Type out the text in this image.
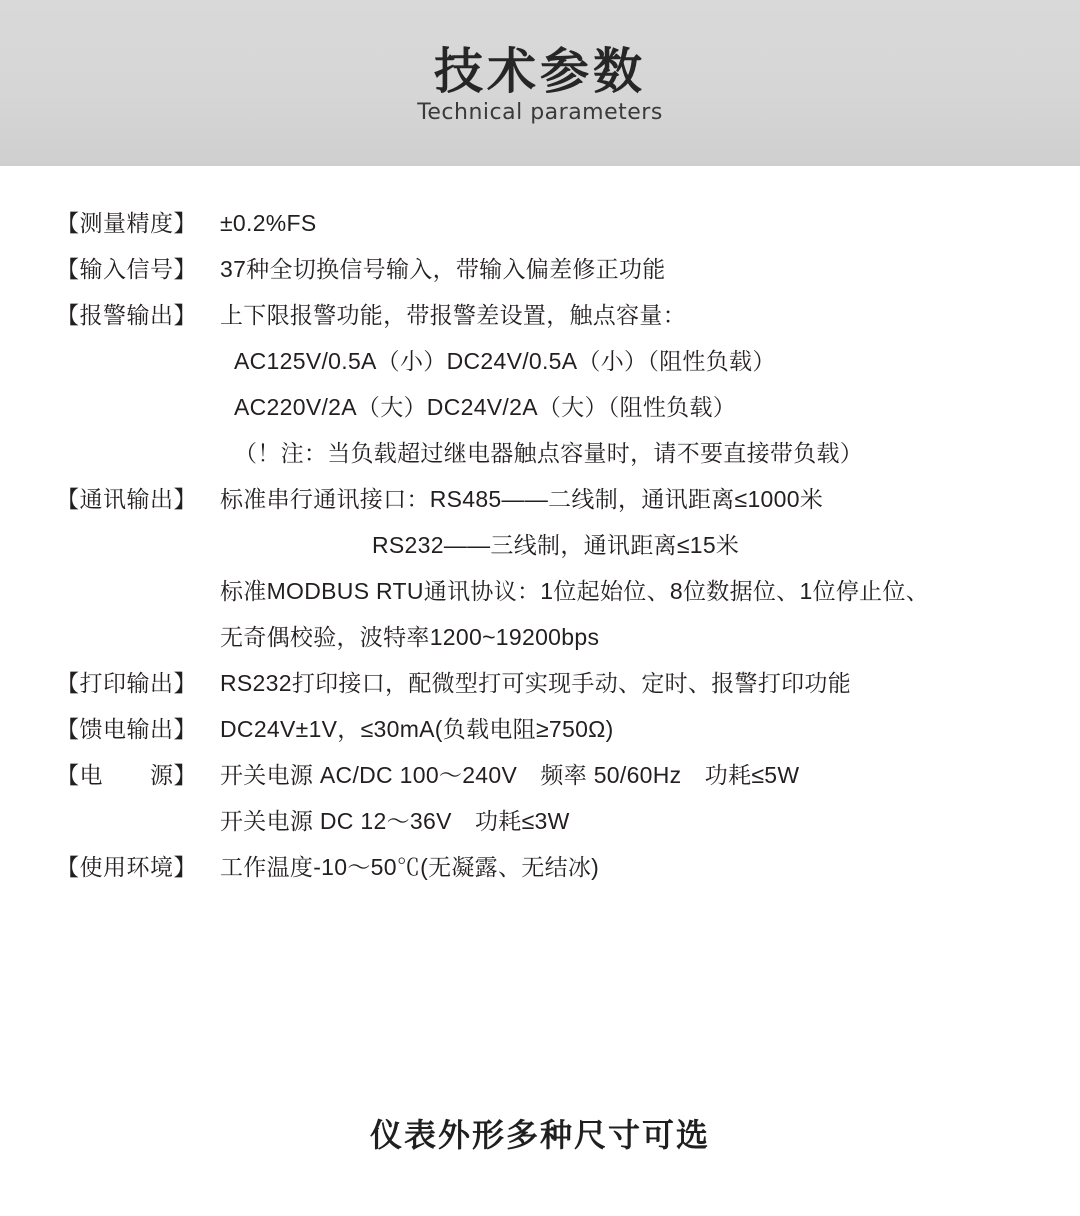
技术参数
Technical parameters
【测量精度】	±0.2%FS
【输入信号】	37种全切换信号输入，带输入偏差修正功能
【报警输出】	上下限报警功能，带报警差设置，触点容量：
AC125V/0.5A（小）DC24V/0.5A（小）（阻性负载）
AC220V/2A（大）DC24V/2A（大）（阻性负载）
（！注：当负载超过继电器触点容量时，请不要直接带负载）
【通讯输出】	标准串行通讯接口：RS485——二线制，通讯距离≤1000米
RS232——三线制，通讯距离≤15米
标准MODBUS RTU通讯协议：1位起始位、8位数据位、1位停止位、
无奇偶校验，波特率1200~19200bps
【打印输出】	RS232打印接口，配微型打可实现手动、定时、报警打印功能
【馈电输出】	DC24V±1V，≤30mA(负载电阻≥750Ω)
【电　　源】	开关电源 AC/DC 100～240V　频率 50/60Hz　功耗≤5W
开关电源 DC 12～36V　功耗≤3W
【使用环境】	工作温度-10～50℃(无凝露、无结冰)
仪表外形多种尺寸可选
